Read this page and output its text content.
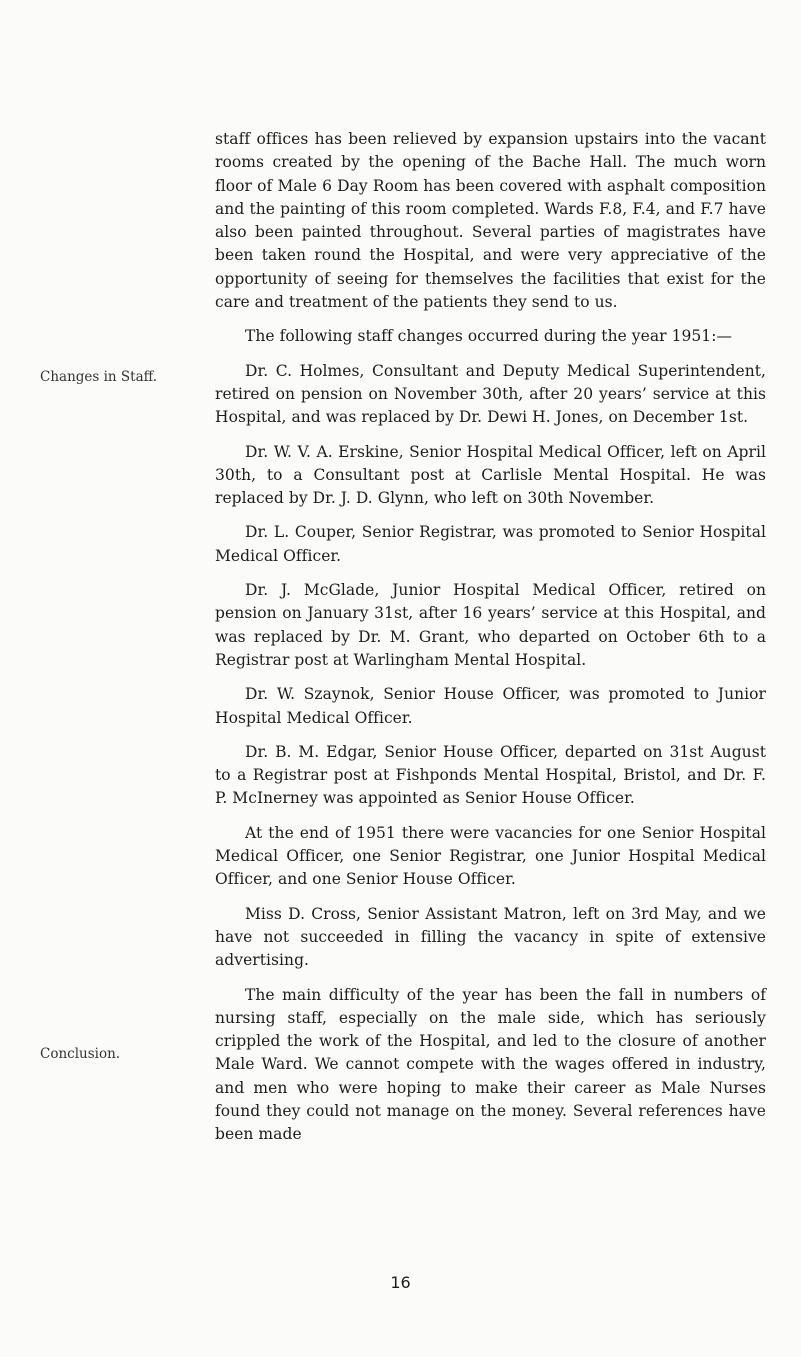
Changes in Staff.
Conclusion.

staff offices has been relieved by expansion upstairs into the vacant rooms created by the opening of the Bache Hall. The much worn floor of Male 6 Day Room has been covered with asphalt composition and the painting of this room completed. Wards F.8, F.4, and F.7 have also been painted throughout. Several parties of magistrates have been taken round the Hospital, and were very appreciative of the opportunity of seeing for themselves the facilities that exist for the care and treatment of the patients they send to us.

The following staff changes occurred during the year 1951:—

Dr. C. Holmes, Consultant and Deputy Medical Superintendent, retired on pension on November 30th, after 20 years’ service at this Hospital, and was replaced by Dr. Dewi H. Jones, on December 1st.

Dr. W. V. A. Erskine, Senior Hospital Medical Officer, left on April 30th, to a Consultant post at Carlisle Mental Hospital. He was replaced by Dr. J. D. Glynn, who left on 30th November.

Dr. L. Couper, Senior Registrar, was promoted to Senior Hospital Medical Officer.

Dr. J. McGlade, Junior Hospital Medical Officer, retired on pension on January 31st, after 16 years’ service at this Hospital, and was replaced by Dr. M. Grant, who departed on October 6th to a Registrar post at Warlingham Mental Hospital.

Dr. W. Szaynok, Senior House Officer, was promoted to Junior Hospital Medical Officer.

Dr. B. M. Edgar, Senior House Officer, departed on 31st August to a Registrar post at Fishponds Mental Hospital, Bristol, and Dr. F. P. McInerney was appointed as Senior House Officer.

At the end of 1951 there were vacancies for one Senior Hospital Medical Officer, one Senior Registrar, one Junior Hospital Medical Officer, and one Senior House Officer.

Miss D. Cross, Senior Assistant Matron, left on 3rd May, and we have not succeeded in filling the vacancy in spite of extensive advertising.

The main difficulty of the year has been the fall in numbers of nursing staff, especially on the male side, which has seriously crippled the work of the Hospital, and led to the closure of another Male Ward. We cannot compete with the wages offered in industry, and men who were hoping to make their career as Male Nurses found they could not manage on the money. Several references have been made

16
